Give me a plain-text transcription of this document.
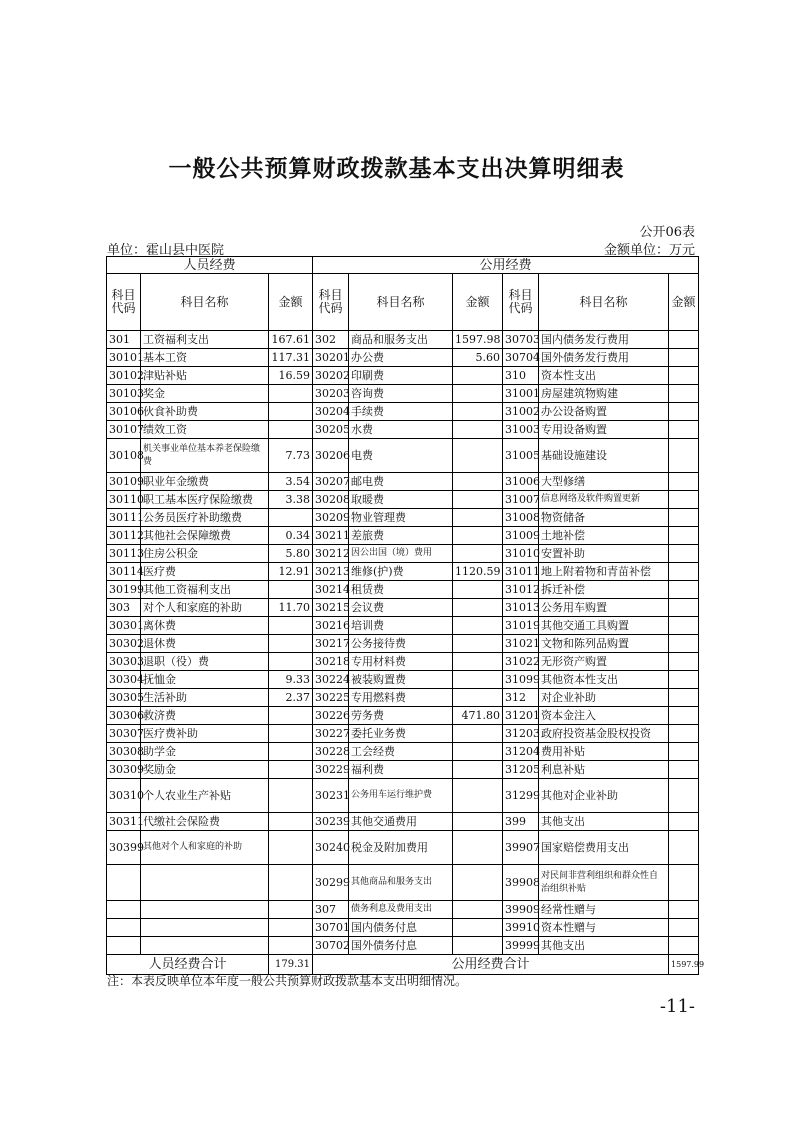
一般公共预算财政拨款基本支出决算明细表
公开06表
单位：霍山县中医院	金额单位：万元
人员经费			公用经费					
科目代码	科目名称	金额	科目代码	科目名称	金额	科目代码	科目名称	金额
301	工资福利支出	167.61	302	商品和服务支出	1597.98	30703	国内债务发行费用	
30101	基本工资	117.31	30201	办公费	5.60	30704	国外债务发行费用	
30102	津贴补贴	16.59	30202	印刷费		310	资本性支出	
30103	奖金		30203	咨询费		31001	房屋建筑物购建	
30106	伙食补助费		30204	手续费		31002	办公设备购置	
30107	绩效工资		30205	水费		31003	专用设备购置	
30108	机关事业单位基本养老保险缴费	7.73	30206	电费		31005	基础设施建设	
30109	职业年金缴费	3.54	30207	邮电费		31006	大型修缮	
30110	职工基本医疗保险缴费	3.38	30208	取暖费		31007	信息网络及软件购置更新	
30111	公务员医疗补助缴费		30209	物业管理费		31008	物资储备	
30112	其他社会保障缴费	0.34	30211	差旅费		31009	土地补偿	
30113	住房公积金	5.80	30212	因公出国（境）费用		31010	安置补助	
30114	医疗费	12.91	30213	维修(护)费	1120.59	31011	地上附着物和青苗补偿	
30199	其他工资福利支出		30214	租赁费		31012	拆迁补偿	
303	对个人和家庭的补助	11.70	30215	会议费		31013	公务用车购置	
30301	离休费		30216	培训费		31019	其他交通工具购置	
30302	退休费		30217	公务接待费		31021	文物和陈列品购置	
30303	退职（役）费		30218	专用材料费		31022	无形资产购置	
30304	抚恤金	9.33	30224	被装购置费		31099	其他资本性支出	
30305	生活补助	2.37	30225	专用燃料费		312	对企业补助	
30306	救济费		30226	劳务费	471.80	31201	资本金注入	
30307	医疗费补助		30227	委托业务费		31203	政府投资基金股权投资	
30308	助学金		30228	工会经费		31204	费用补贴	
30309	奖励金		30229	福利费		31205	利息补贴	
30310	个人农业生产补贴		30231	公务用车运行维护费		31299	其他对企业补助	
30311	代缴社会保险费		30239	其他交通费用		399	其他支出	
30399	其他对个人和家庭的补助		30240	税金及附加费用		39907	国家赔偿费用支出	
			30299	其他商品和服务支出		39908	对民间非营利组织和群众性自治组织补贴	
			307	债务利息及费用支出		39909	经常性赠与	
			30701	国内债务付息		39910	资本性赠与	
			30702	国外债务付息		39999	其他支出	
人员经费合计		179.31	公用经费合计					1597.99
注：本表反映单位本年度一般公共预算财政拨款基本支出明细情况。
-11-
